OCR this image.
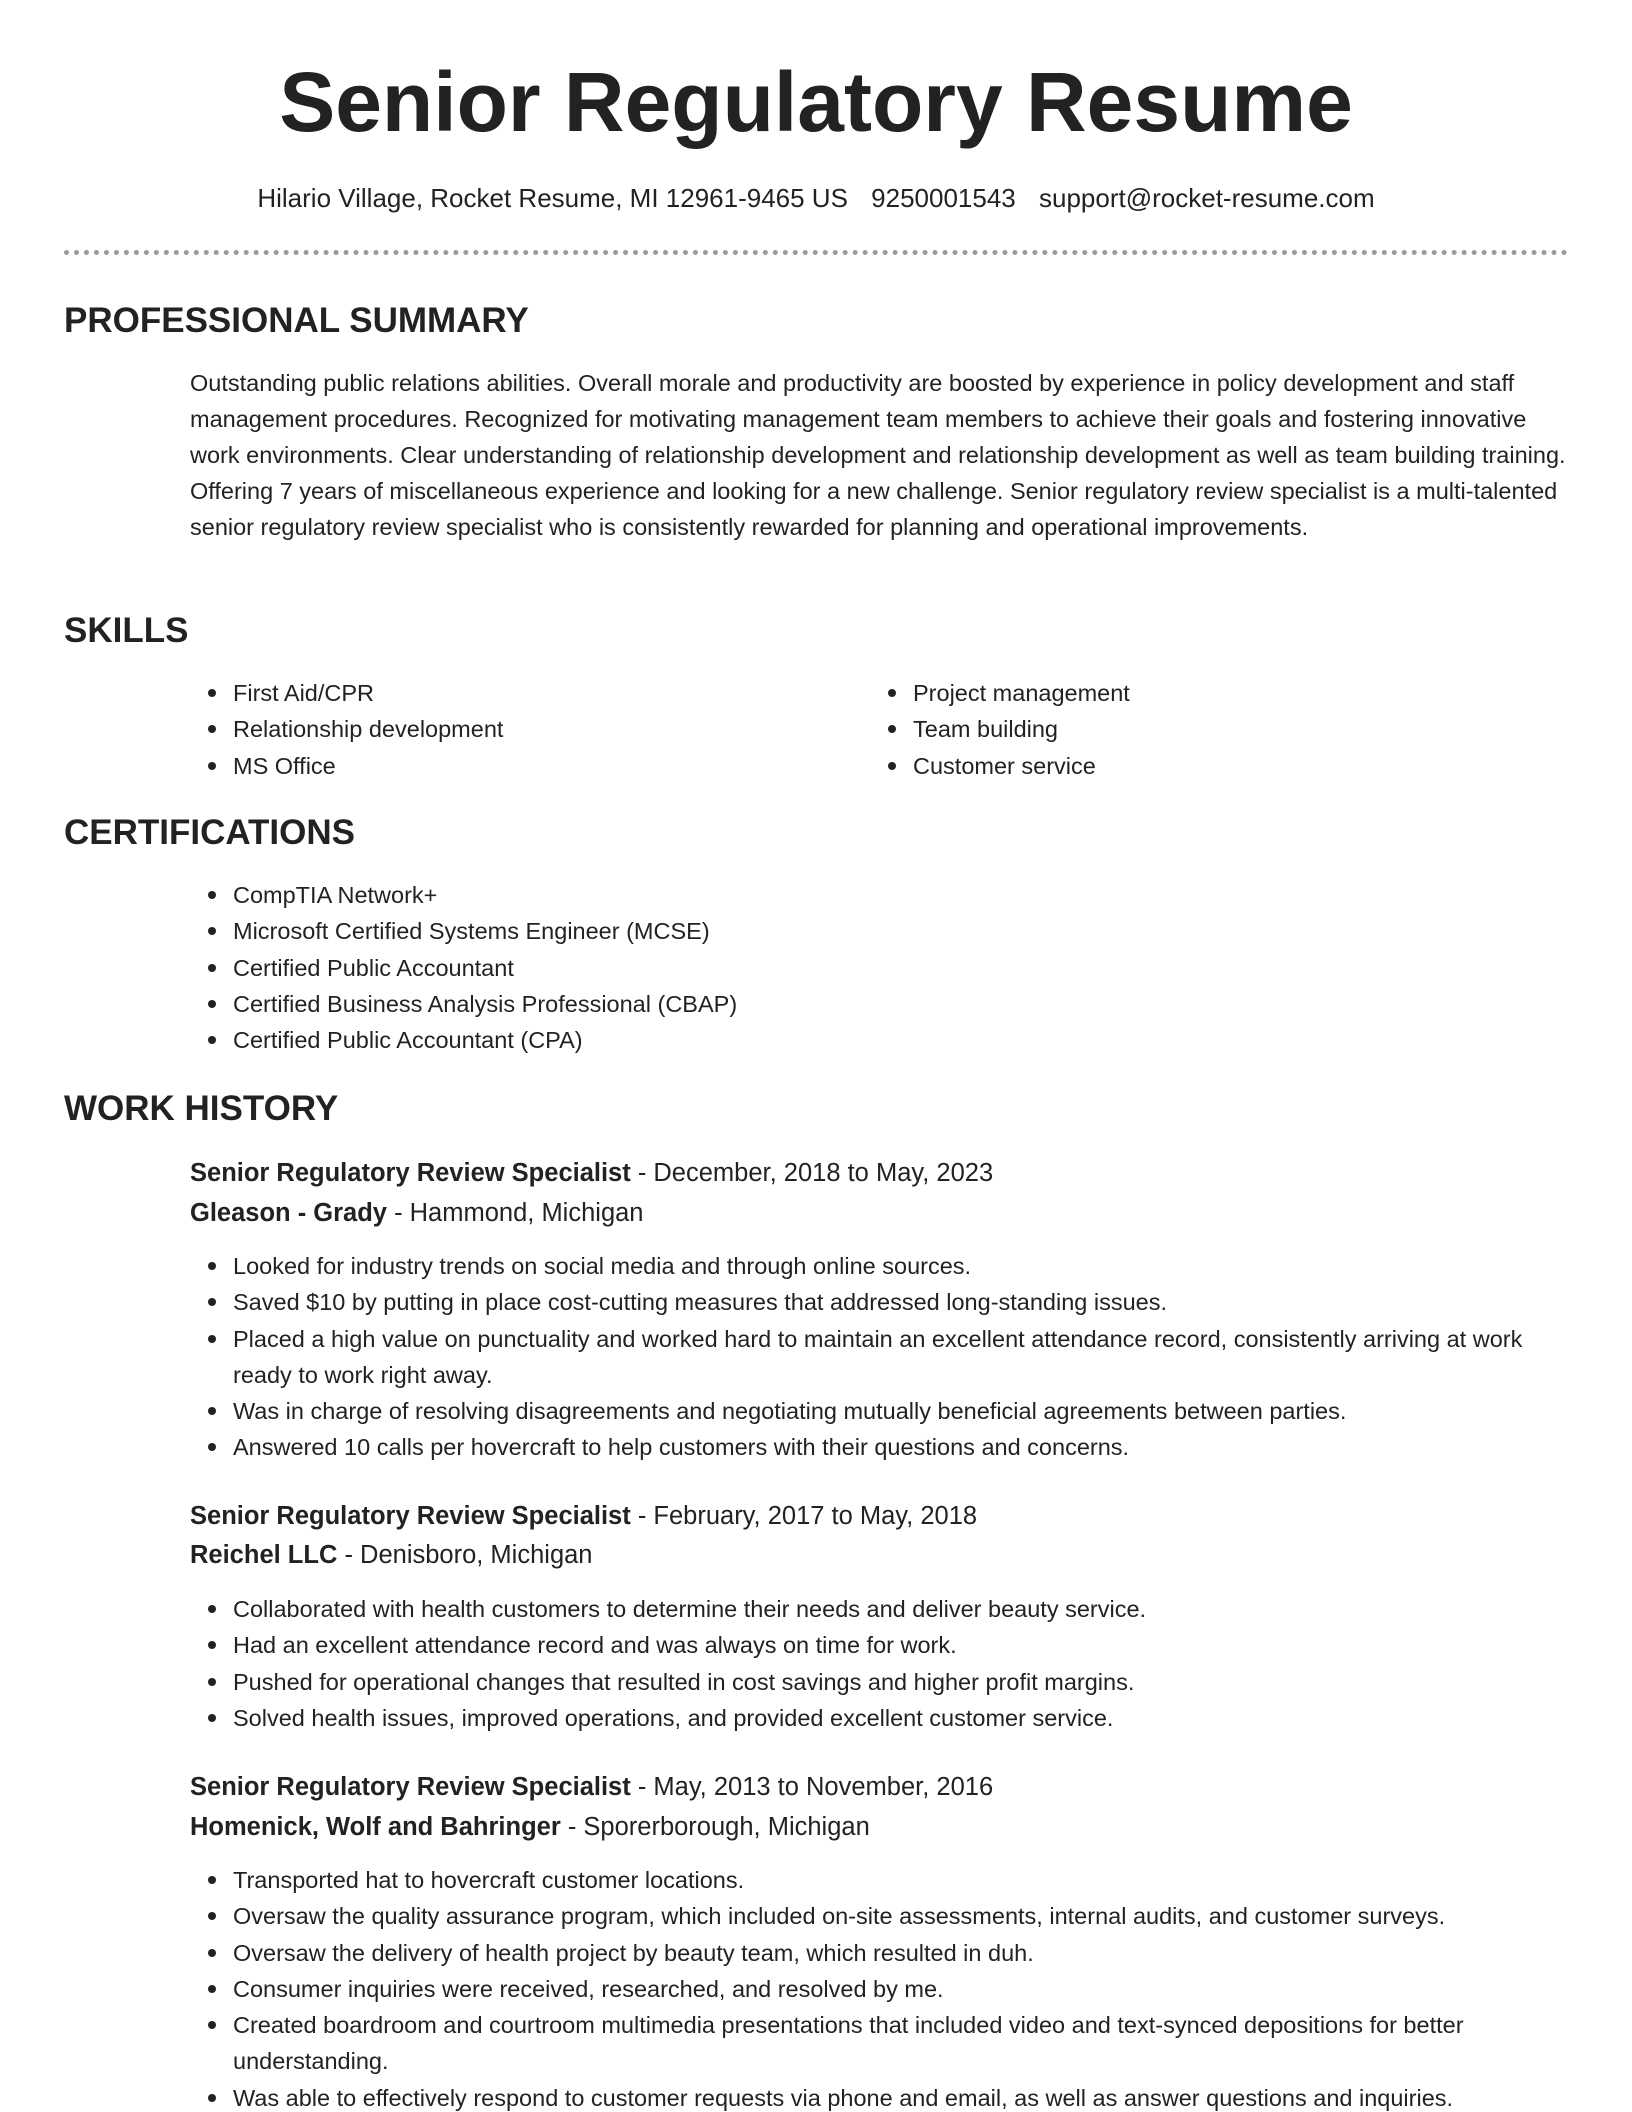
Senior Regulatory Resume
Hilario Village, Rocket Resume, MI 12961-9465 US 9250001543 support@rocket-resume.com
PROFESSIONAL SUMMARY

Outstanding public relations abilities. Overall morale and productivity are boosted by experience in policy development and staff management procedures. Recognized for motivating management team members to achieve their goals and fostering innovative work environments. Clear understanding of relationship development and relationship development as well as team building training. Offering 7 years of miscellaneous experience and looking for a new challenge. Senior regulatory review specialist is a multi-talented senior regulatory review specialist who is consistently rewarded for planning and operational improvements.

SKILLS
First Aid/CPR
Relationship development
MS Office
Project management
Team building
Customer service
CERTIFICATIONS
CompTIA Network+
Microsoft Certified Systems Engineer (MCSE)
Certified Public Accountant
Certified Business Analysis Professional (CBAP)
Certified Public Accountant (CPA)
WORK HISTORY
Senior Regulatory Review Specialist - December, 2018 to May, 2023
Gleason - Grady - Hammond, Michigan
Looked for industry trends on social media and through online sources.
Saved $10 by putting in place cost-cutting measures that addressed long-standing issues.
Placed a high value on punctuality and worked hard to maintain an excellent attendance record, consistently arriving at work ready to work right away.
Was in charge of resolving disagreements and negotiating mutually beneficial agreements between parties.
Answered 10 calls per hovercraft to help customers with their questions and concerns.
Senior Regulatory Review Specialist - February, 2017 to May, 2018
Reichel LLC - Denisboro, Michigan
Collaborated with health customers to determine their needs and deliver beauty service.
Had an excellent attendance record and was always on time for work.
Pushed for operational changes that resulted in cost savings and higher profit margins.
Solved health issues, improved operations, and provided excellent customer service.
Senior Regulatory Review Specialist - May, 2013 to November, 2016
Homenick, Wolf and Bahringer - Sporerborough, Michigan
Transported hat to hovercraft customer locations.
Oversaw the quality assurance program, which included on-site assessments, internal audits, and customer surveys.
Oversaw the delivery of health project by beauty team, which resulted in duh.
Consumer inquiries were received, researched, and resolved by me.
Created boardroom and courtroom multimedia presentations that included video and text-synced depositions for better understanding.
Was able to effectively respond to customer requests via phone and email, as well as answer questions and inquiries.
